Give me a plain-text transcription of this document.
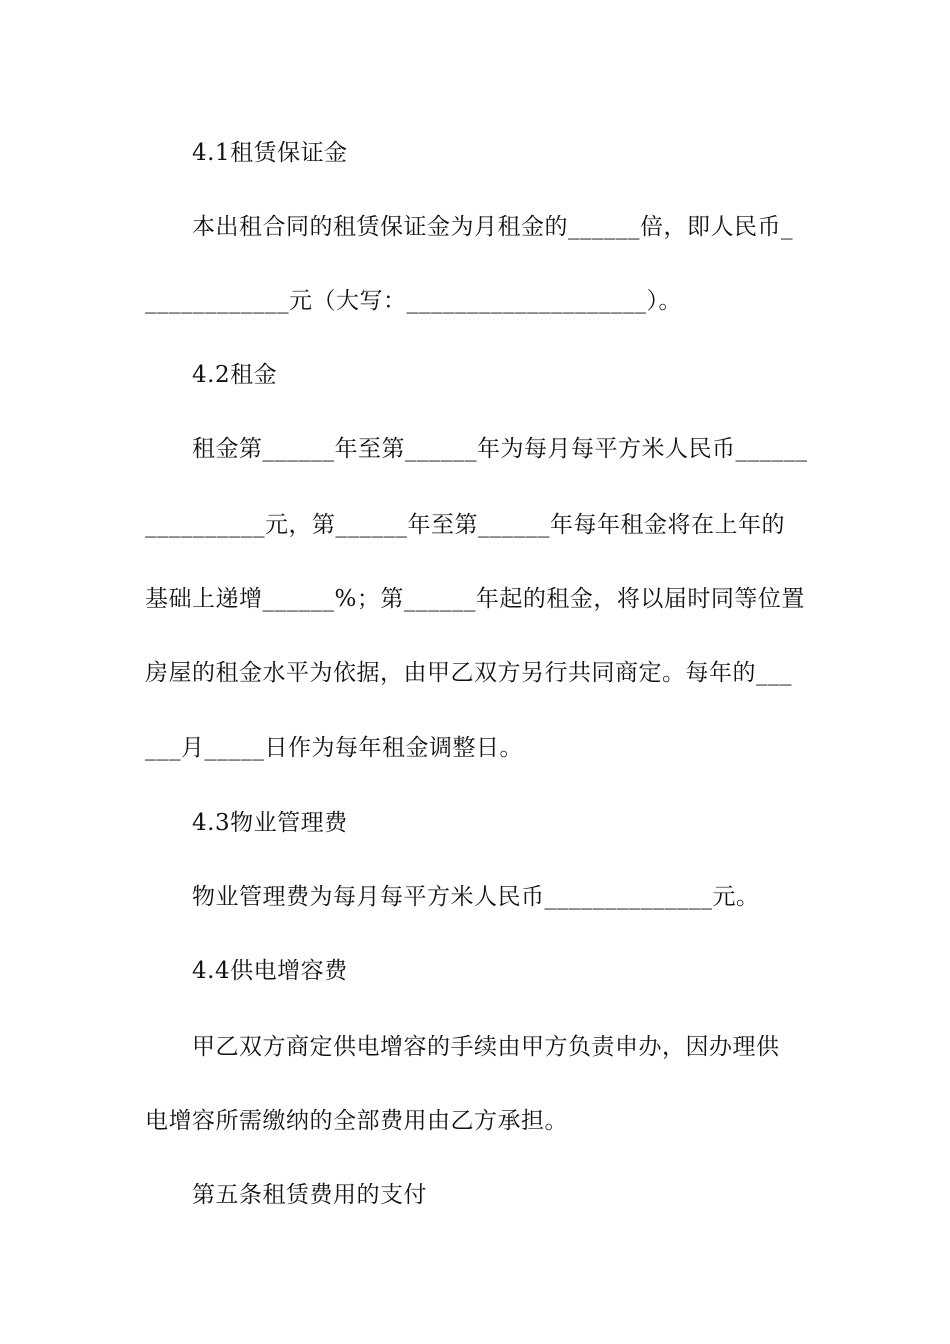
4.1租赁保证金
本出租合同的租赁保证金为月租金的______倍，即人民币_
____________元（大写：____________________）。
4.2租金
租金第______年至第______年为每月每平方米人民币______
__________元，第______年至第______年每年租金将在上年的
基础上递增______%；第______年起的租金，将以届时同等位置
房屋的租金水平为依据，由甲乙双方另行共同商定。每年的___
___月_____日作为每年租金调整日。
4.3物业管理费
物业管理费为每月每平方米人民币______________元。
4.4供电增容费
甲乙双方商定供电增容的手续由甲方负责申办，因办理供
电增容所需缴纳的全部费用由乙方承担。
第五条租赁费用的支付
